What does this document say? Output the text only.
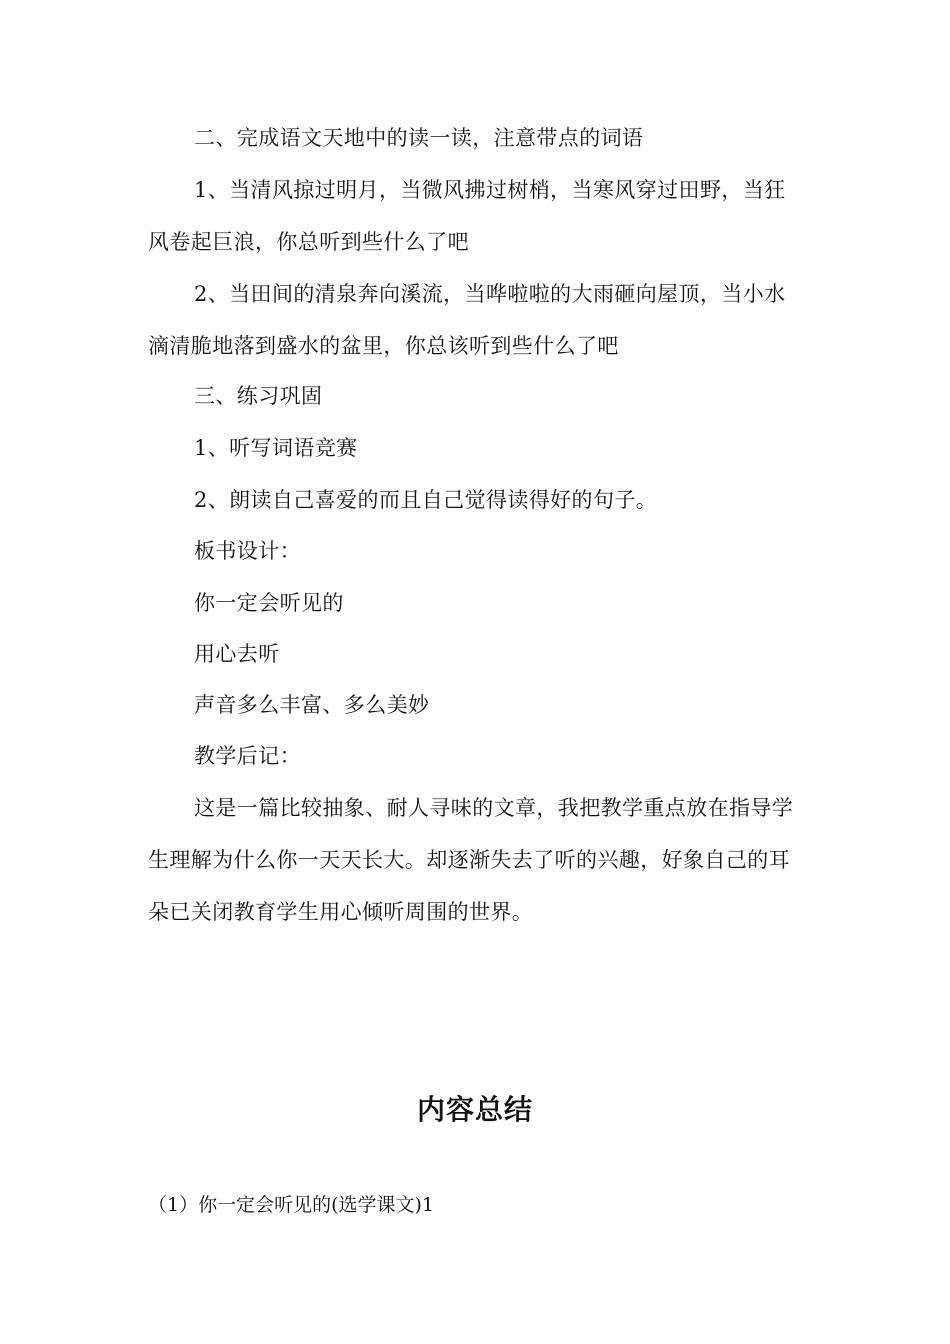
二、完成语文天地中的读一读，注意带点的词语

1、当清风掠过明月，当微风拂过树梢，当寒风穿过田野，当狂风卷起巨浪，你总听到些什么了吧

2、当田间的清泉奔向溪流，当哗啦啦的大雨砸向屋顶，当小水滴清脆地落到盛水的盆里，你总该听到些什么了吧

三、练习巩固

1、听写词语竞赛

2、朗读自己喜爱的而且自己觉得读得好的句子。

板书设计：

你一定会听见的

用心去听

声音多么丰富、多么美妙

教学后记：

这是一篇比较抽象、耐人寻味的文章，我把教学重点放在指导学生理解为什么你一天天长大。却逐渐失去了听的兴趣，好象自己的耳朵已关闭教育学生用心倾听周围的世界。

内容总结

（1）你一定会听见的(选学课文)1
